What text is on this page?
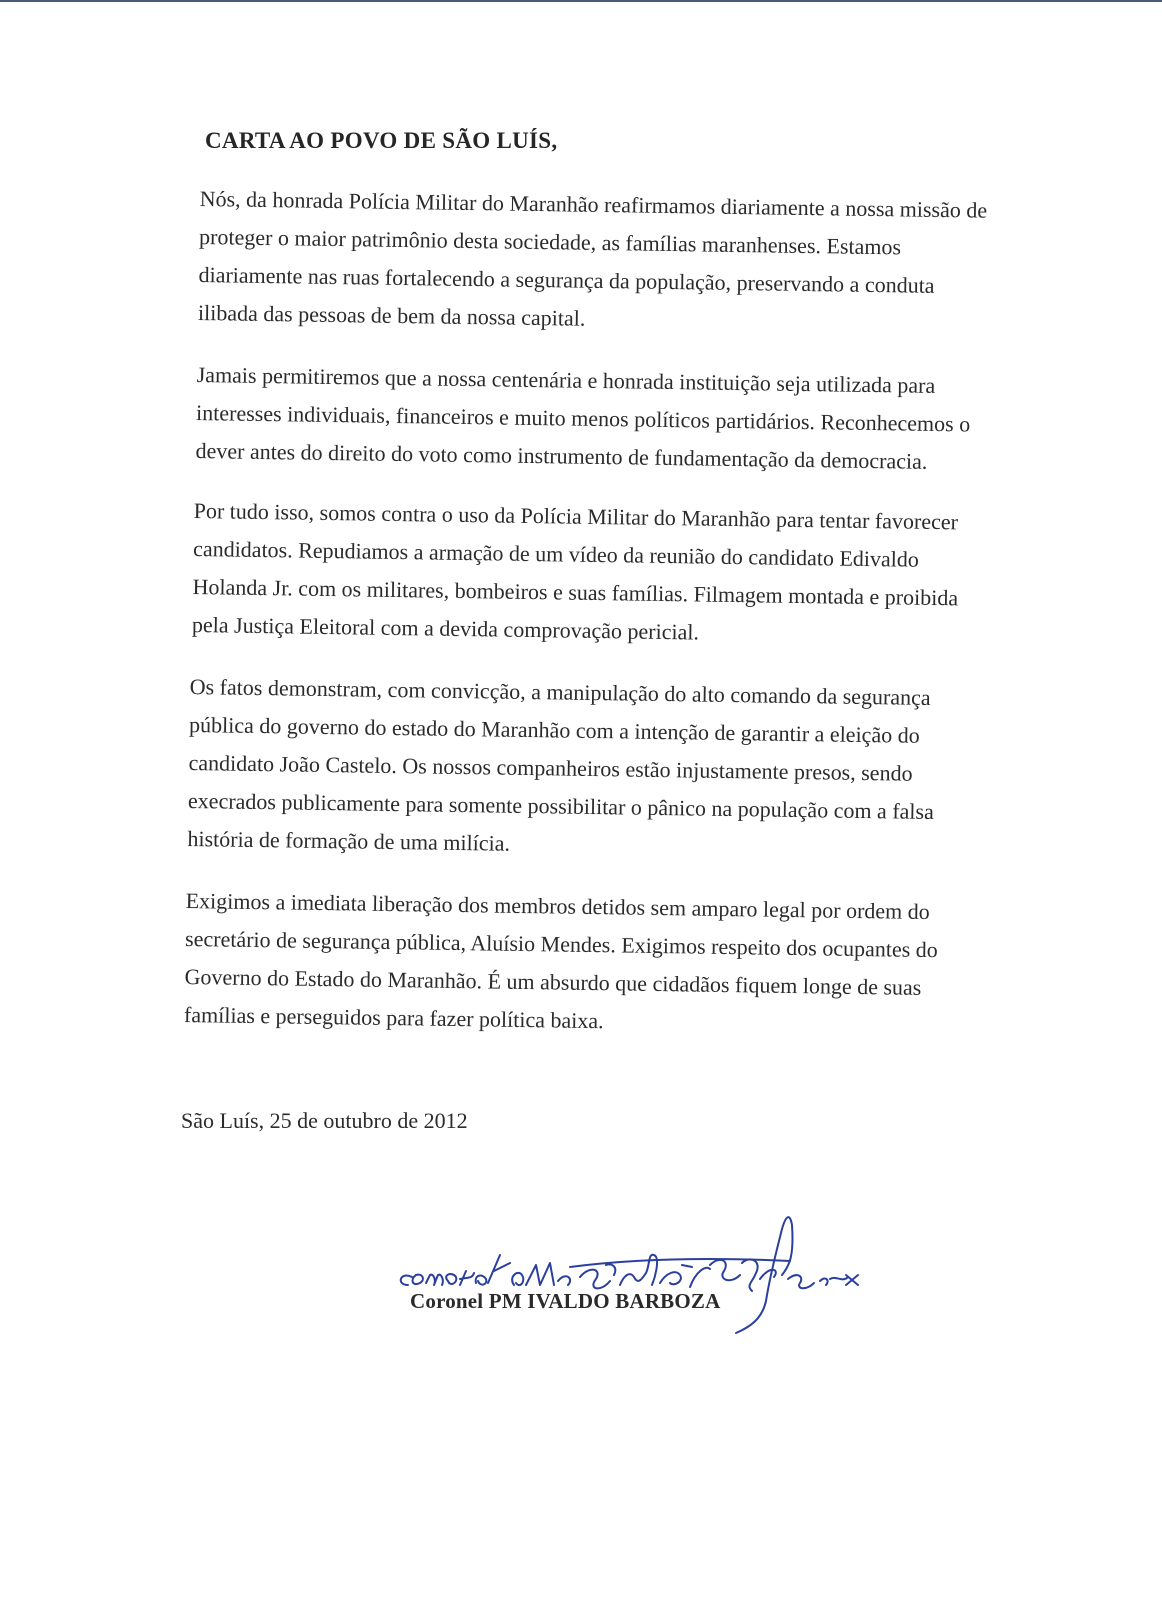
CARTA AO POVO DE SÃO LUÍS,

Nós, da honrada Polícia Militar do Maranhão reafirmamos diariamente a nossa missão de proteger o maior patrimônio desta sociedade, as famílias maranhenses. Estamos diariamente nas ruas fortalecendo a segurança da população, preservando a conduta ilibada das pessoas de bem da nossa capital.

Jamais permitiremos que a nossa centenária e honrada instituição seja utilizada para interesses individuais, financeiros e muito menos políticos partidários. Reconhecemos o dever antes do direito do voto como instrumento de fundamentação da democracia.

Por tudo isso, somos contra o uso da Polícia Militar do Maranhão para tentar favorecer candidatos. Repudiamos a armação de um vídeo da reunião do candidato Edivaldo Holanda Jr. com os militares, bombeiros e suas famílias. Filmagem montada e proibida pela Justiça Eleitoral com a devida comprovação pericial.

Os fatos demonstram, com convicção, a manipulação do alto comando da segurança pública do governo do estado do Maranhão com a intenção de garantir a eleição do candidato João Castelo. Os nossos companheiros estão injustamente presos, sendo execrados publicamente para somente possibilitar o pânico na população com a falsa história de formação de uma milícia.

Exigimos a imediata liberação dos membros detidos sem amparo legal por ordem do secretário de segurança pública, Aluísio Mendes. Exigimos respeito dos ocupantes do Governo do Estado do Maranhão. É um absurdo que cidadãos fiquem longe de suas famílias e perseguidos para fazer política baixa.

São Luís, 25 de outubro de 2012

Coronel PM IVALDO BARBOZA
